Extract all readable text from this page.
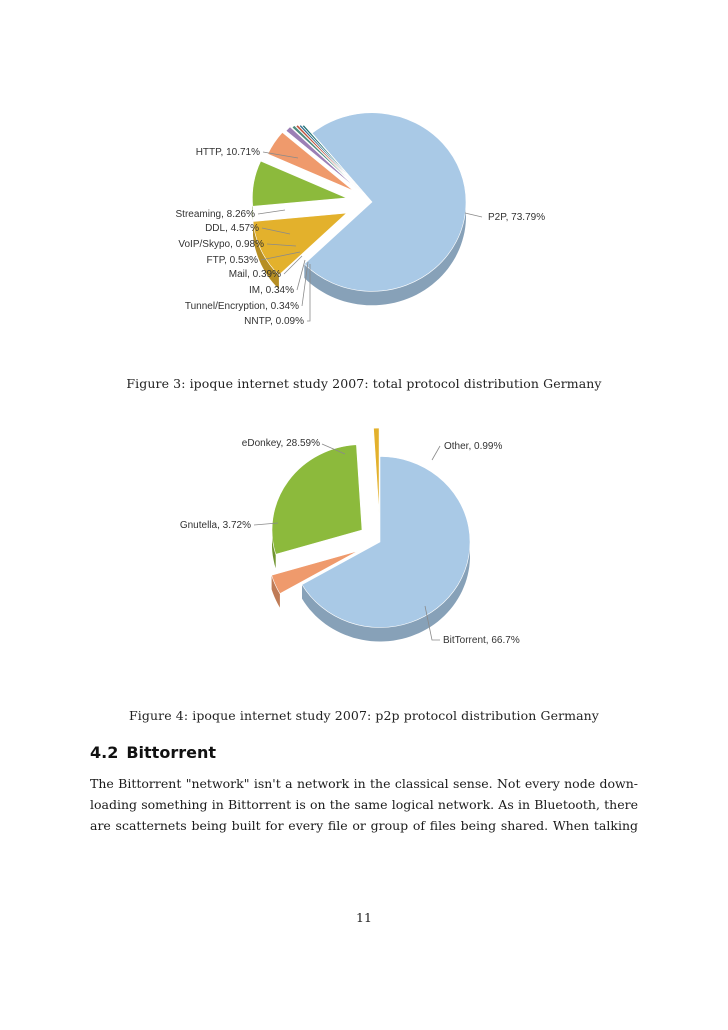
HTTP, 10.71%
P2P, 73.79%
Streaming, 8.26%
DDL, 4.57%
VoIP/Skypo, 0.98%
FTP, 0.53%
Mail, 0.39%
IM, 0.34%
Tunnel/Encryption, 0.34%
NNTP, 0.09%
Figure 3: ipoque internet study 2007: total protocol distribution Germany
eDonkey, 28.59%	Other, 0.99%
Gnutella, 3.72%
BitTorrent, 66.7%
Figure 4: ipoque internet study 2007: p2p protocol distribution Germany
4.2 Bittorrent
The Bittorrent "network" isn't a network in the classical sense. Not every node down-
loading something in Bittorrent is on the same logical network. As in Bluetooth, there
are scatternets being built for every file or group of files being shared. When talking
11
